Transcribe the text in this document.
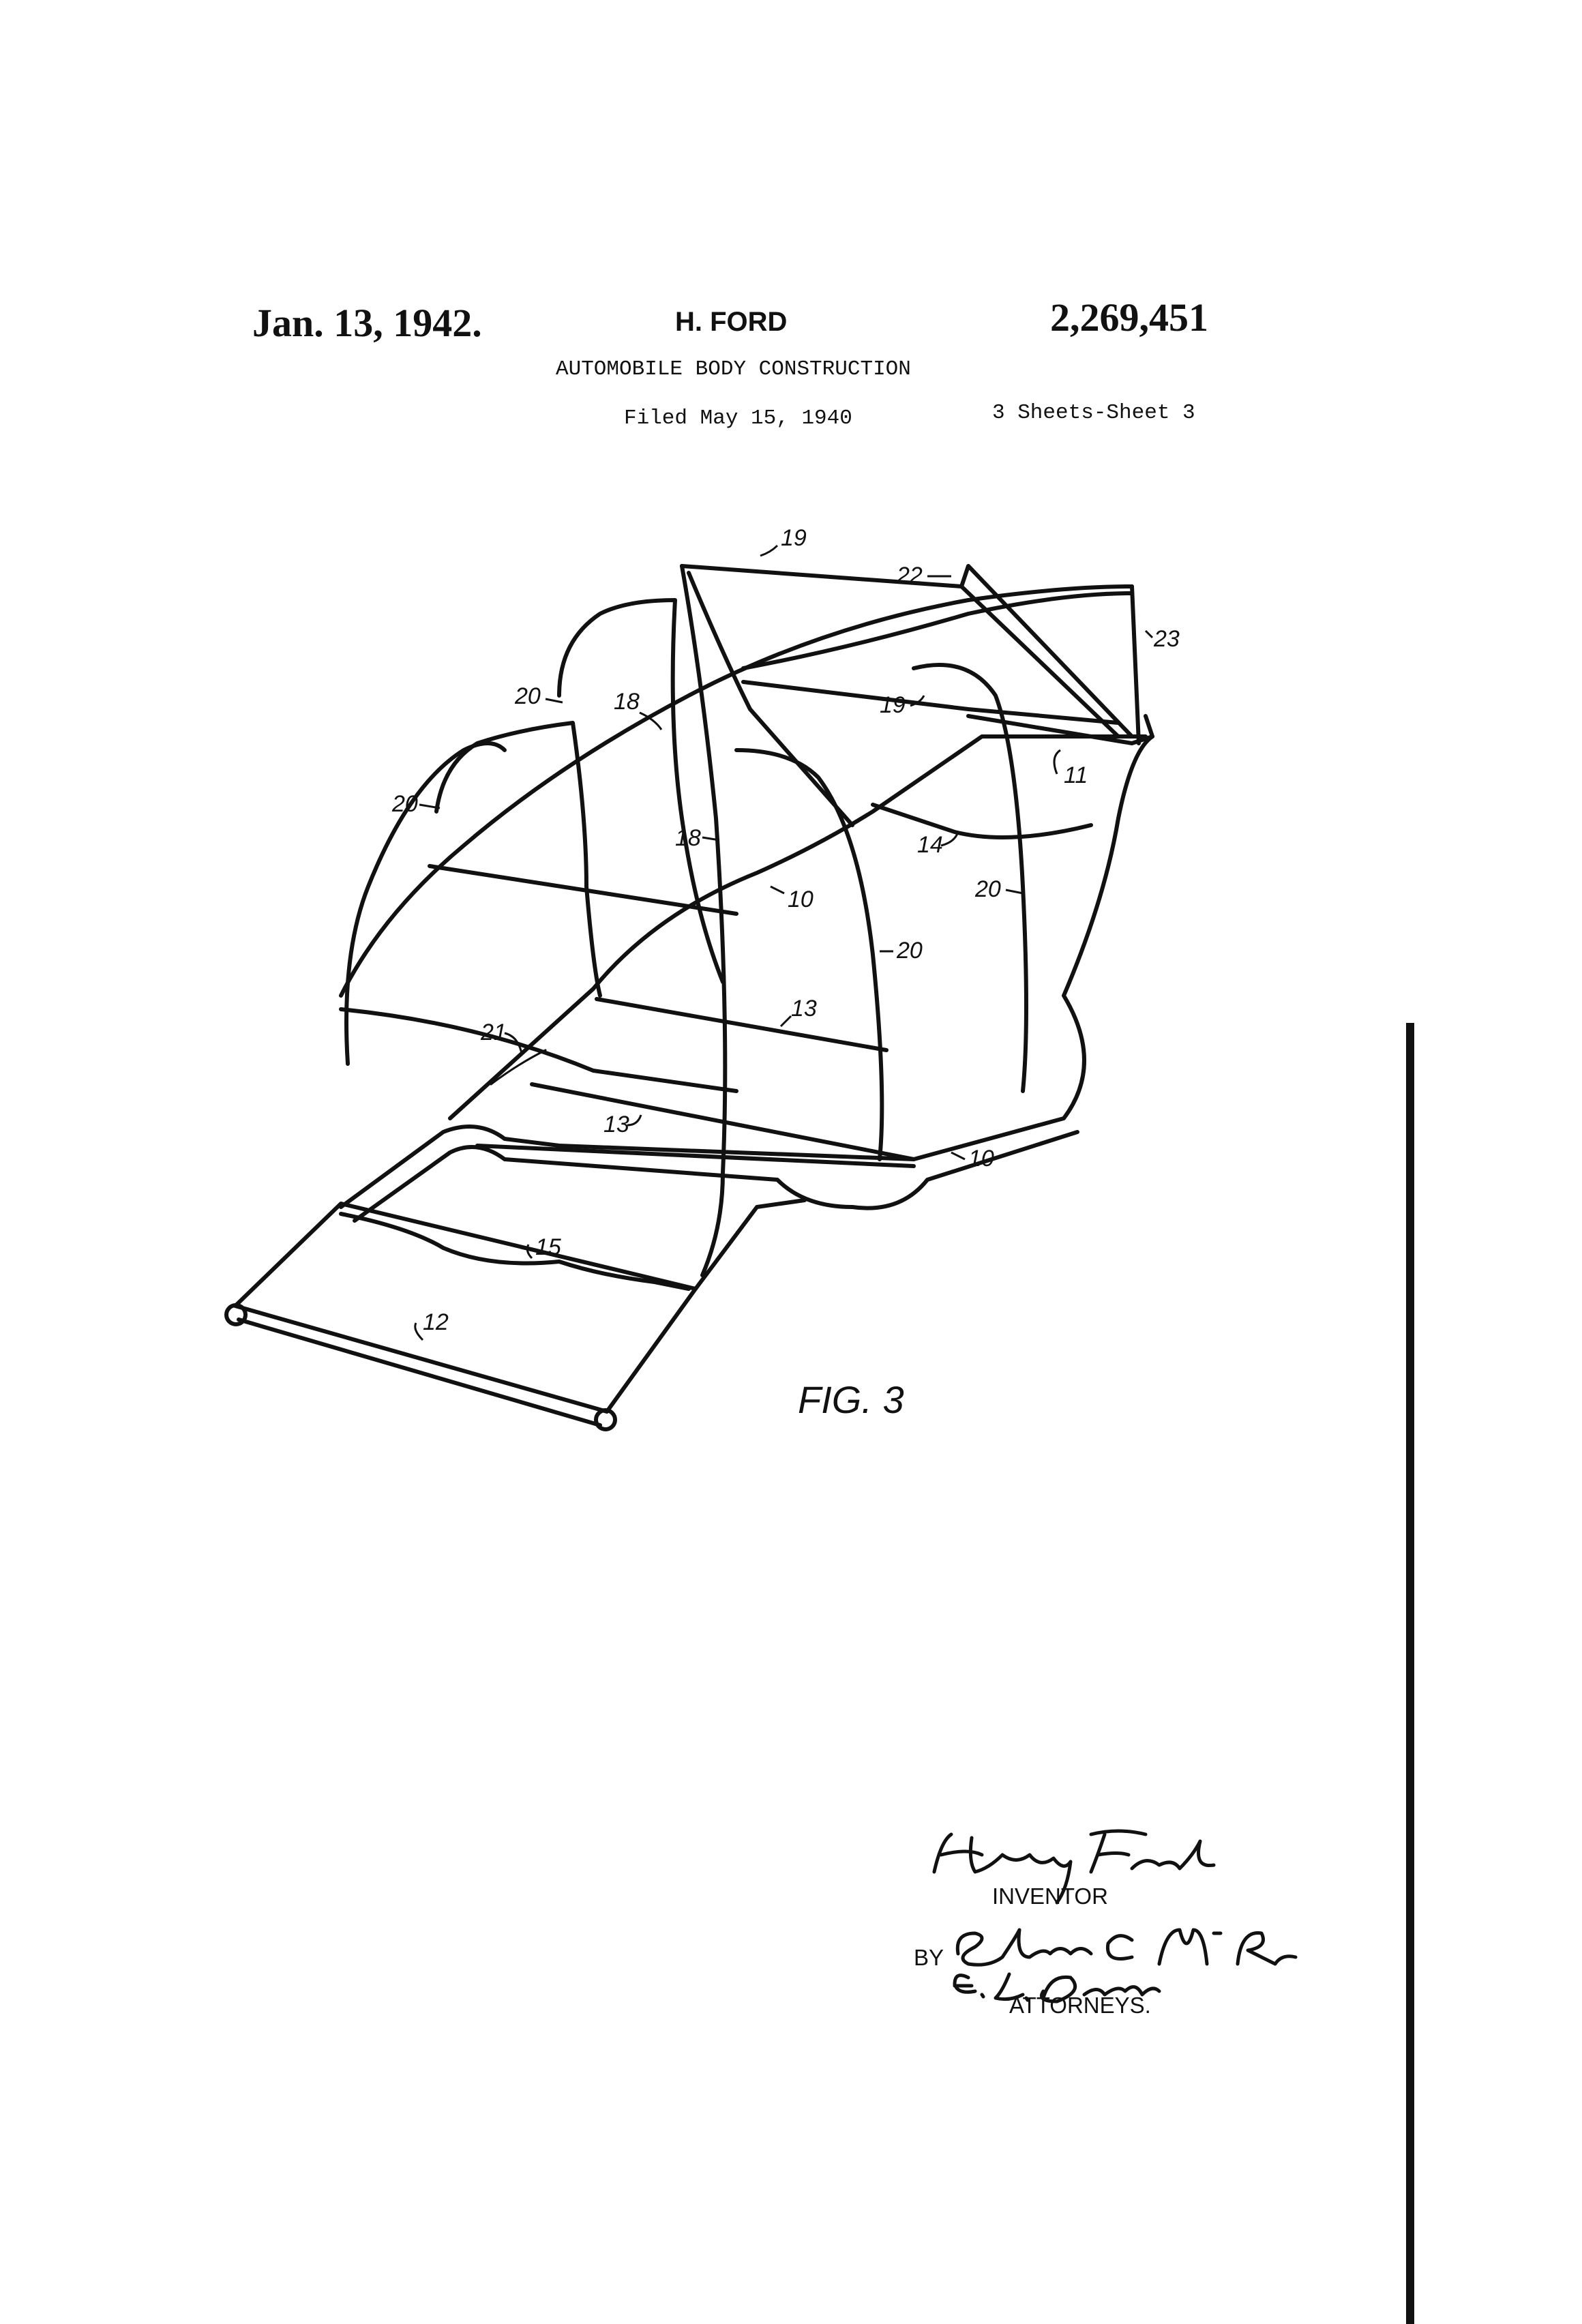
Jan. 13, 1942.	H. FORD	2,269,451
AUTOMOBILE BODY CONSTRUCTION
Filed May 15, 1940	3 Sheets-Sheet 3
19
22
23
20	18	19
11
20
18	14
10	20
20
13
21
13
10
15
12
FIG. 3
INVENTOR
BY
ATTORNEYS.
